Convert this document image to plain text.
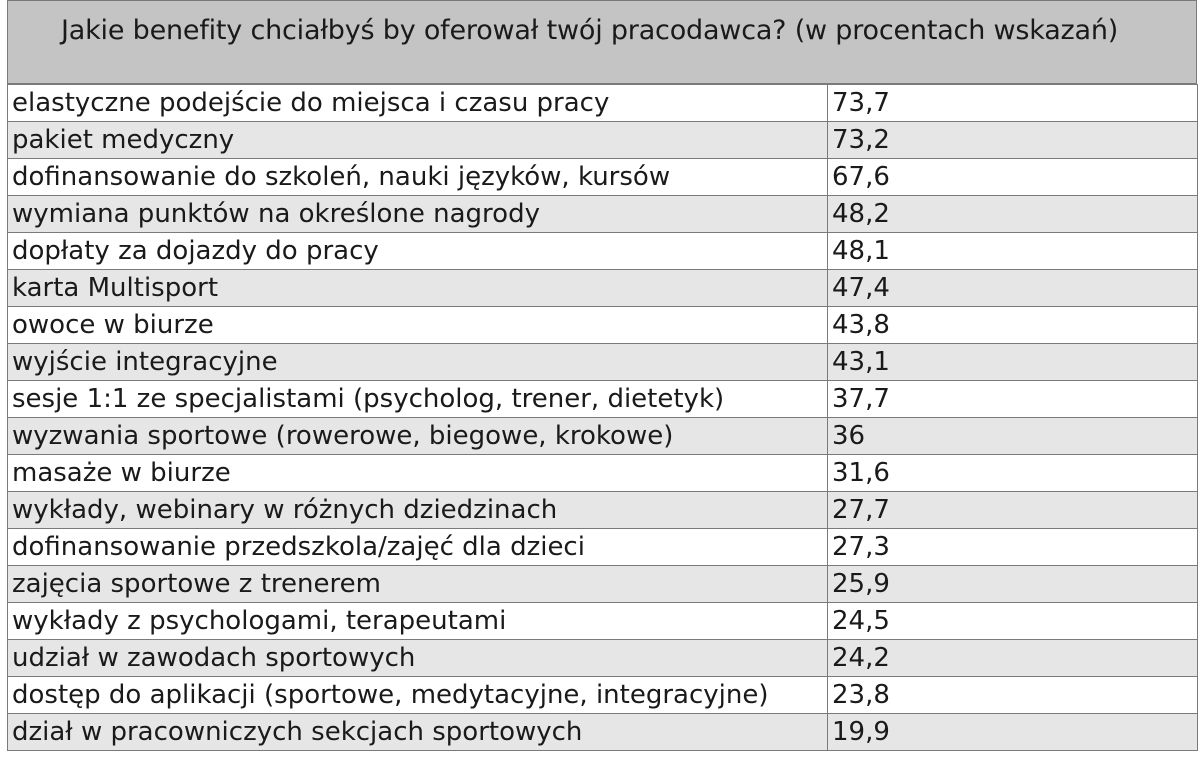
Jakie benefity chciałbyś by oferował twój pracodawca? (w procentach wskazań)
elastyczne podejście do miejsca i czasu pracy	73,7
pakiet medyczny	73,2
dofinansowanie do szkoleń, nauki języków, kursów	67,6
wymiana punktów na określone nagrody	48,2
dopłaty za dojazdy do pracy	48,1
karta Multisport	47,4
owoce w biurze	43,8
wyjście integracyjne	43,1
sesje 1:1 ze specjalistami (psycholog, trener, dietetyk)	37,7
wyzwania sportowe (rowerowe, biegowe, krokowe)	36
masaże w biurze	31,6
wykłady, webinary w różnych dziedzinach	27,7
dofinansowanie przedszkola/zajęć dla dzieci	27,3
zajęcia sportowe z trenerem	25,9
wykłady z psychologami, terapeutami	24,5
udział w zawodach sportowych	24,2
dostęp do aplikacji (sportowe, medytacyjne, integracyjne)	23,8
dział w pracowniczych sekcjach sportowych	19,9
